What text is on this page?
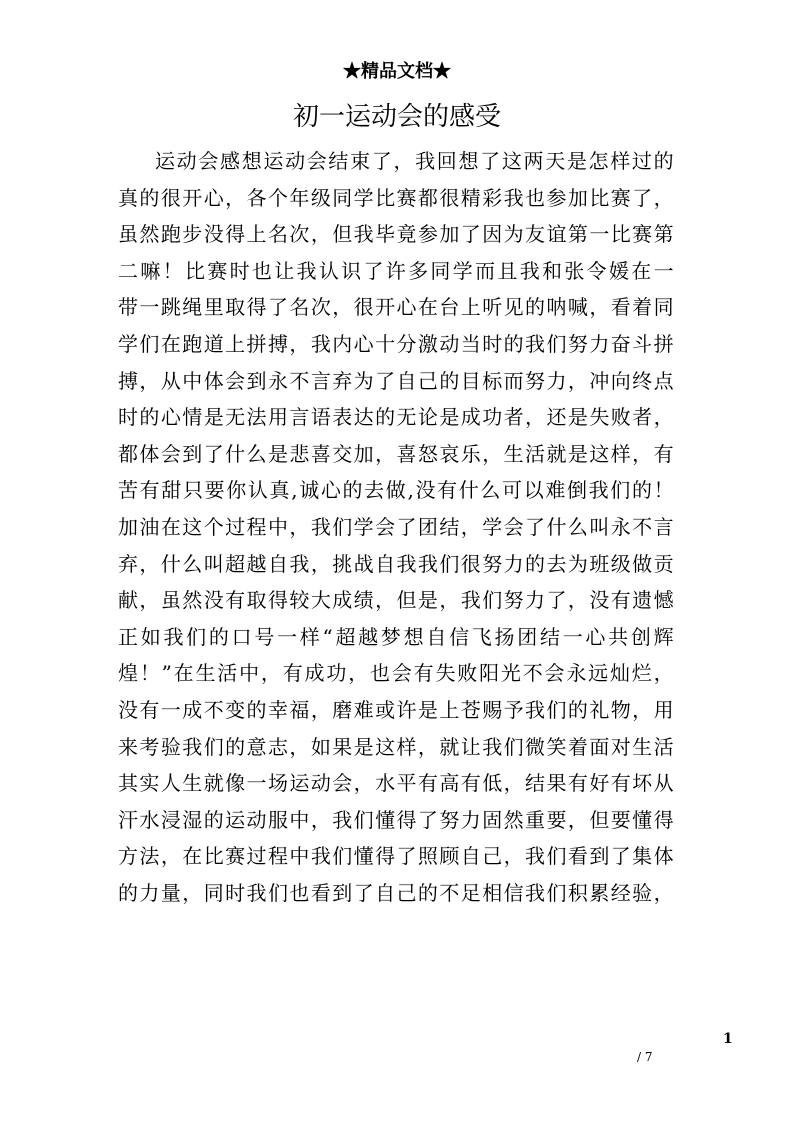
★精品文档★
初一运动会的感受
运动会感想运动会结束了，我回想了这两天是怎样过的
真的很开心，各个年级同学比赛都很精彩我也参加比赛了，
虽然跑步没得上名次，但我毕竟参加了因为友谊第一比赛第
二嘛！比赛时也让我认识了许多同学而且我和张令媛在一
带一跳绳里取得了名次，很开心在台上听见的呐喊，看着同
学们在跑道上拼搏，我内心十分激动当时的我们努力奋斗拼
搏，从中体会到永不言弃为了自己的目标而努力，冲向终点
时的心情是无法用言语表达的无论是成功者，还是失败者，
都体会到了什么是悲喜交加，喜怒哀乐，生活就是这样，有
苦有甜只要你认真,诚心的去做,没有什么可以难倒我们的！
加油在这个过程中，我们学会了团结，学会了什么叫永不言
弃，什么叫超越自我，挑战自我我们很努力的去为班级做贡
献，虽然没有取得较大成绩，但是，我们努力了，没有遗憾
正如我们的口号一样“超越梦想自信飞扬团结一心共创辉
煌！”在生活中，有成功，也会有失败阳光不会永远灿烂，
没有一成不变的幸福，磨难或许是上苍赐予我们的礼物，用
来考验我们的意志，如果是这样，就让我们微笑着面对生活
其实人生就像一场运动会，水平有高有低，结果有好有坏从
汗水浸湿的运动服中，我们懂得了努力固然重要，但要懂得
方法，在比赛过程中我们懂得了照顾自己，我们看到了集体
的力量，同时我们也看到了自己的不足相信我们积累经验，
1
/ 7
